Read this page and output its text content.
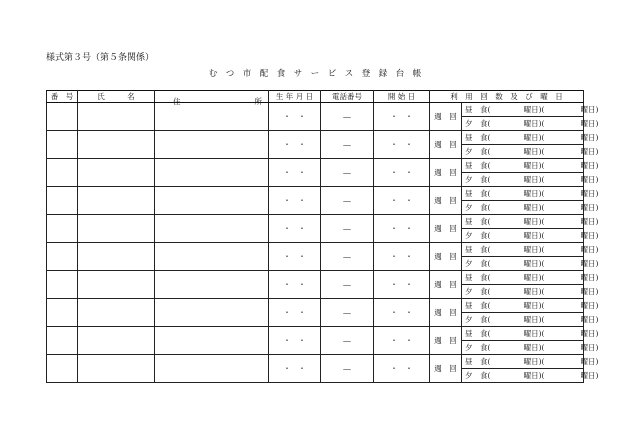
様式第３号（第５条関係）
む　つ　市　配　食　サ　ー　ビ　ス　登　録　台　帳
番　号	氏　　　名	住 所	生 年 月 日	電話番号	開 始 日	利　用　回　数　及　び　曜　日	
			・　・	―	・　・	週　回	昼　食( 曜日)( 曜日)
							夕　食( 曜日)( 曜日)
			・　・	―	・　・	週　回	昼　食( 曜日)( 曜日)
							夕　食( 曜日)( 曜日)
			・　・	―	・　・	週　回	昼　食( 曜日)( 曜日)
							夕　食( 曜日)( 曜日)
			・　・	―	・　・	週　回	昼　食( 曜日)( 曜日)
							夕　食( 曜日)( 曜日)
			・　・	―	・　・	週　回	昼　食( 曜日)( 曜日)
							夕　食( 曜日)( 曜日)
			・　・	―	・　・	週　回	昼　食( 曜日)( 曜日)
							夕　食( 曜日)( 曜日)
			・　・	―	・　・	週　回	昼　食( 曜日)( 曜日)
							夕　食( 曜日)( 曜日)
			・　・	―	・　・	週　回	昼　食( 曜日)( 曜日)
							夕　食( 曜日)( 曜日)
			・　・	―	・　・	週　回	昼　食( 曜日)( 曜日)
							夕　食( 曜日)( 曜日)
			・　・	―	・　・	週　回	昼　食( 曜日)( 曜日)
							夕　食( 曜日)( 曜日)
